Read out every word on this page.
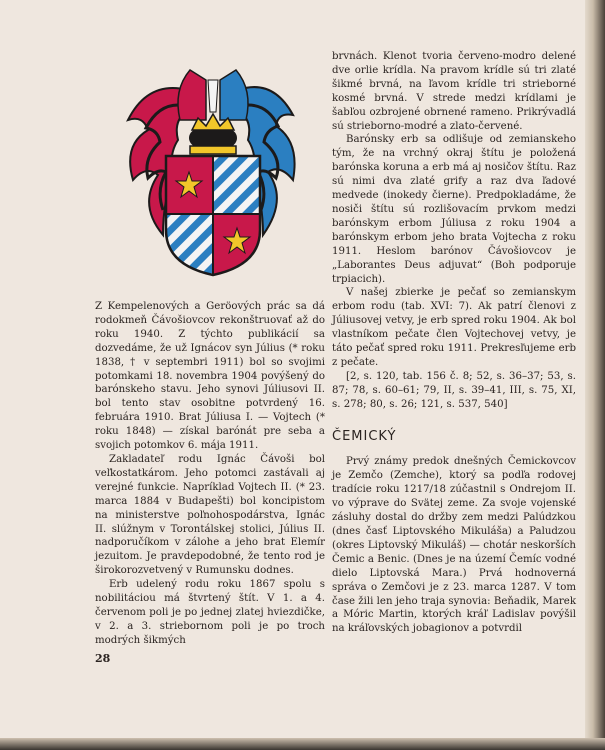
Z Kempelenových a Geröových prác sa dá rodokmeň Čávošiovcov rekonštruovať až do roku 1940. Z týchto publikácií sa dozvedáme, že už Ignácov syn Július (* roku 1838, † v septembri 1911) bol so svojimi potomkami 18. novembra 1904 povýšený do barónskeho stavu. Jeho synovi Júliusovi II. bol tento stav osobitne potvrdený 16. februára 1910. Brat Júliusa I. — Vojtech (* roku 1848) — získal barónát pre seba a svojich potomkov 6. mája 1911.

Zakladateľ rodu Ignác Čávoši bol veľkostatkárom. Jeho potomci zastávali aj verejné funkcie. Napríklad Vojtech II. (* 23. marca 1884 v Budapešti) bol koncipistom na ministerstve poľnohospodárstva, Ignác II. slúžnym v Torontálskej stolici, Július II. nadporučíkom v zálohe a jeho brat Elemír jezuitom. Je pravdepodobné, že tento rod je širokorozvetvený v Rumunsku dodnes.

Erb udelený rodu roku 1867 spolu s nobilitáciou má štvrtený štít. V 1. a 4. červenom poli je po jednej zlatej hviezdičke, v 2. a 3. striebornom poli je po troch modrých šikmých

brvnách. Klenot tvoria červeno-modro delené dve orlie krídla. Na pravom krídle sú tri zlaté šikmé brvná, na ľavom krídle tri strieborné kosmé brvná. V strede medzi krídlami je šabľou ozbrojené obrnené rameno. Prikrývadlá sú strieborno-modré a zlato-červené.

Barónsky erb sa odlišuje od zemianskeho tým, že na vrchný okraj štítu je položená barónska koruna a erb má aj nosičov štítu. Raz sú nimi dva zlaté grify a raz dva ľadové medvede (inokedy čierne). Predpokladáme, že nosiči štítu sú rozlišovacím prvkom medzi barónskym erbom Júliusa z roku 1904 a barónskym erbom jeho brata Vojtecha z roku 1911. Heslom barónov Čávošiovcov je „Laborantes Deus adjuvat“ (Boh podporuje trpiacich).

V našej zbierke je pečať so zemianskym erbom rodu (tab. XVI: 7). Ak patrí členovi z Júliusovej vetvy, je erb spred roku 1904. Ak bol vlastníkom pečate člen Vojtechovej vetvy, je táto pečať spred roku 1911. Prekresľujeme erb z pečate.

[2, s. 120, tab. 156 č. 8; 52, s. 36–37; 53, s. 87; 78, s. 60–61; 79, II, s. 39–41, III, s. 75, XI, s. 278; 80, s. 26; 121, s. 537, 540]

ČEMICKÝ

Prvý známy predok dnešných Čemickovcov je Zemčo (Zemche), ktorý sa podľa rodovej tradície roku 1217/18 zúčastnil s Ondrejom II. vo výprave do Svätej zeme. Za svoje vojenské zásluhy dostal do držby zem medzi Palúdzkou (dnes časť Liptovského Mikuláša) a Paludzou (okres Liptovský Mikuláš) — chotár neskorších Čemic a Benic. (Dnes je na území Čemíc vodné dielo Liptovská Mara.) Prvá hodnoverná správa o Zemčovi je z 23. marca 1287. V tom čase žili len jeho traja synovia: Beňadik, Marek a Móric Martin, ktorých kráľ Ladislav povýšil na kráľovských jobagionov a potvrdil

28
